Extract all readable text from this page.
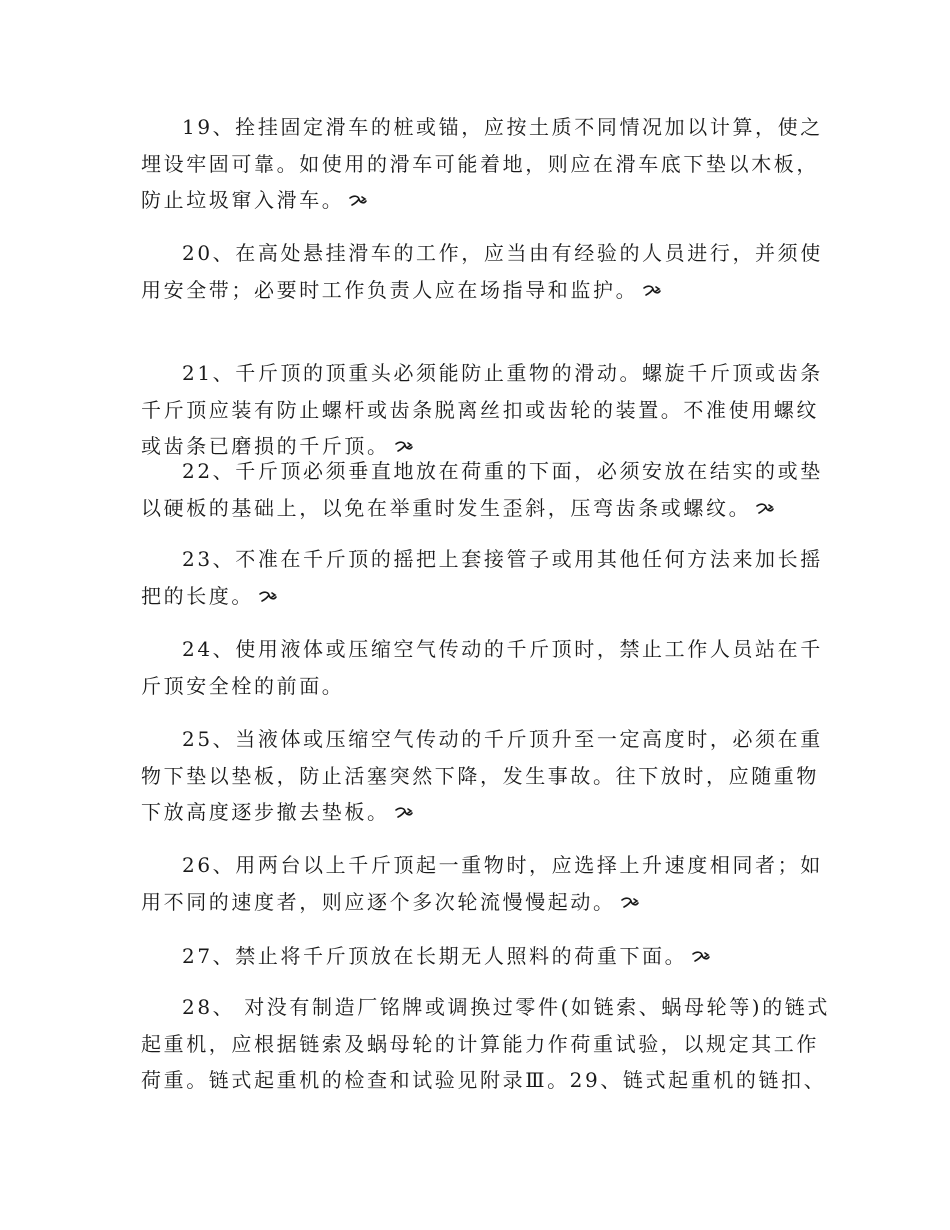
19、拴挂固定滑车的桩或锚，应按土质不同情况加以计算，使之
埋设牢固可靠。如使用的滑车可能着地，则应在滑车底下垫以木板，
防止垃圾窜入滑车。

20、在高处悬挂滑车的工作，应当由有经验的人员进行，并须使
用安全带；必要时工作负责人应在场指导和监护。

21、千斤顶的顶重头必须能防止重物的滑动。螺旋千斤顶或齿条
千斤顶应装有防止螺杆或齿条脱离丝扣或齿轮的装置。不准使用螺纹
或齿条已磨损的千斤顶。

22、千斤顶必须垂直地放在荷重的下面，必须安放在结实的或垫
以硬板的基础上，以免在举重时发生歪斜，压弯齿条或螺纹。

23、不准在千斤顶的摇把上套接管子或用其他任何方法来加长摇
把的长度。

24、使用液体或压缩空气传动的千斤顶时，禁止工作人员站在千
斤顶安全栓的前面。

25、当液体或压缩空气传动的千斤顶升至一定高度时，必须在重
物下垫以垫板，防止活塞突然下降，发生事故。往下放时，应随重物
下放高度逐步撤去垫板。

26、用两台以上千斤顶起一重物时，应选择上升速度相同者；如
用不同的速度者，则应逐个多次轮流慢慢起动。

27、禁止将千斤顶放在长期无人照料的荷重下面。

28、 对没有制造厂铭牌或调换过零件(如链索、蜗母轮等)的链式
起重机，应根据链索及蜗母轮的计算能力作荷重试验，以规定其工作
荷重。链式起重机的检查和试验见附录Ⅲ。29、链式起重机的链扣、
